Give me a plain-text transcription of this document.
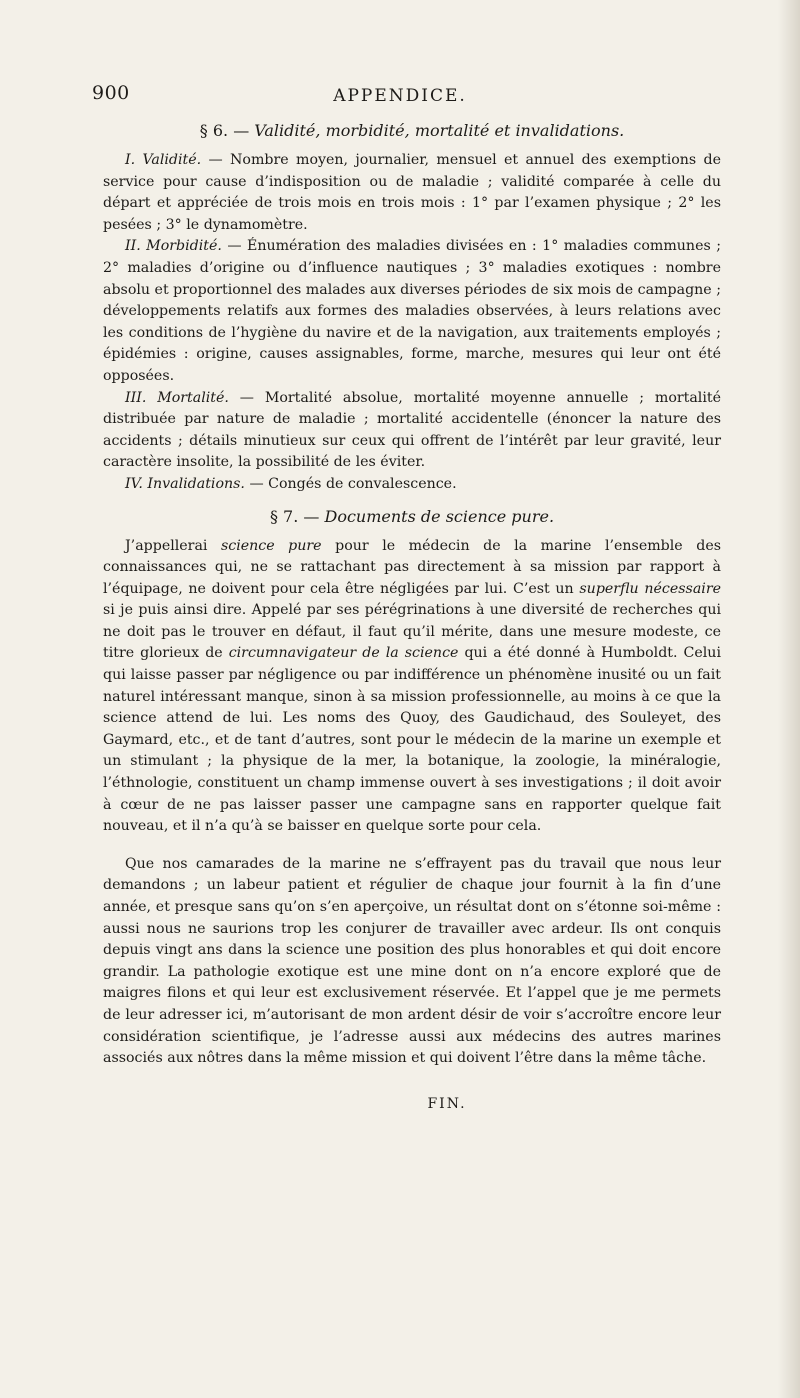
900	APPENDICE.
§ 6. — Validité, morbidité, mortalité et invalidations.

I. Validité. — Nombre moyen, journalier, mensuel et annuel des exemptions de service pour cause d’indisposition ou de maladie ; validité comparée à celle du départ et appréciée de trois mois en trois mois : 1° par l’examen physique ; 2° les pesées ; 3° le dynamomètre.

II. Morbidité. — Énumération des maladies divisées en : 1° maladies communes ; 2° maladies d’origine ou d’influence nautiques ; 3° maladies exotiques : nombre absolu et proportionnel des malades aux diverses périodes de six mois de campagne ; développements relatifs aux formes des maladies observées, à leurs relations avec les conditions de l’hygiène du navire et de la navigation, aux traitements employés ; épidémies : origine, causes assignables, forme, marche, mesures qui leur ont été opposées.

III. Mortalité. — Mortalité absolue, mortalité moyenne annuelle ; mortalité distribuée par nature de maladie ; mortalité accidentelle (énoncer la nature des accidents ; détails minutieux sur ceux qui offrent de l’intérêt par leur gravité, leur caractère insolite, la possibilité de les éviter.

IV. Invalidations. — Congés de convalescence.

§ 7. — Documents de science pure.

J’appellerai science pure pour le médecin de la marine l’ensemble des connaissances qui, ne se rattachant pas directement à sa mission par rapport à l’équipage, ne doivent pour cela être négligées par lui. C’est un superflu nécessaire si je puis ainsi dire. Appelé par ses pérégrinations à une diversité de recherches qui ne doit pas le trouver en défaut, il faut qu’il mérite, dans une mesure modeste, ce titre glorieux de circumnavigateur de la science qui a été donné à Humboldt. Celui qui laisse passer par négligence ou par indifférence un phénomène inusité ou un fait naturel intéressant manque, sinon à sa mission professionnelle, au moins à ce que la science attend de lui. Les noms des Quoy, des Gaudichaud, des Souleyet, des Gaymard, etc., et de tant d’autres, sont pour le médecin de la marine un exemple et un stimulant ; la physique de la mer, la botanique, la zoologie, la minéralogie, l’éthnologie, constituent un champ immense ouvert à ses investigations ; il doit avoir à cœur de ne pas laisser passer une campagne sans en rapporter quelque fait nouveau, et il n’a qu’à se baisser en quelque sorte pour cela.

Que nos camarades de la marine ne s’effrayent pas du travail que nous leur demandons ; un labeur patient et régulier de chaque jour fournit à la fin d’une année, et presque sans qu’on s’en aperçoive, un résultat dont on s’étonne soi-même : aussi nous ne saurions trop les conjurer de travailler avec ardeur. Ils ont conquis depuis vingt ans dans la science une position des plus honorables et qui doit encore grandir. La pathologie exotique est une mine dont on n’a encore exploré que de maigres filons et qui leur est exclusivement réservée. Et l’appel que je me permets de leur adresser ici, m’autorisant de mon ardent désir de voir s’accroître encore leur considération scientifique, je l’adresse aussi aux médecins des autres marines associés aux nôtres dans la même mission et qui doivent l’être dans la même tâche.

FIN.
